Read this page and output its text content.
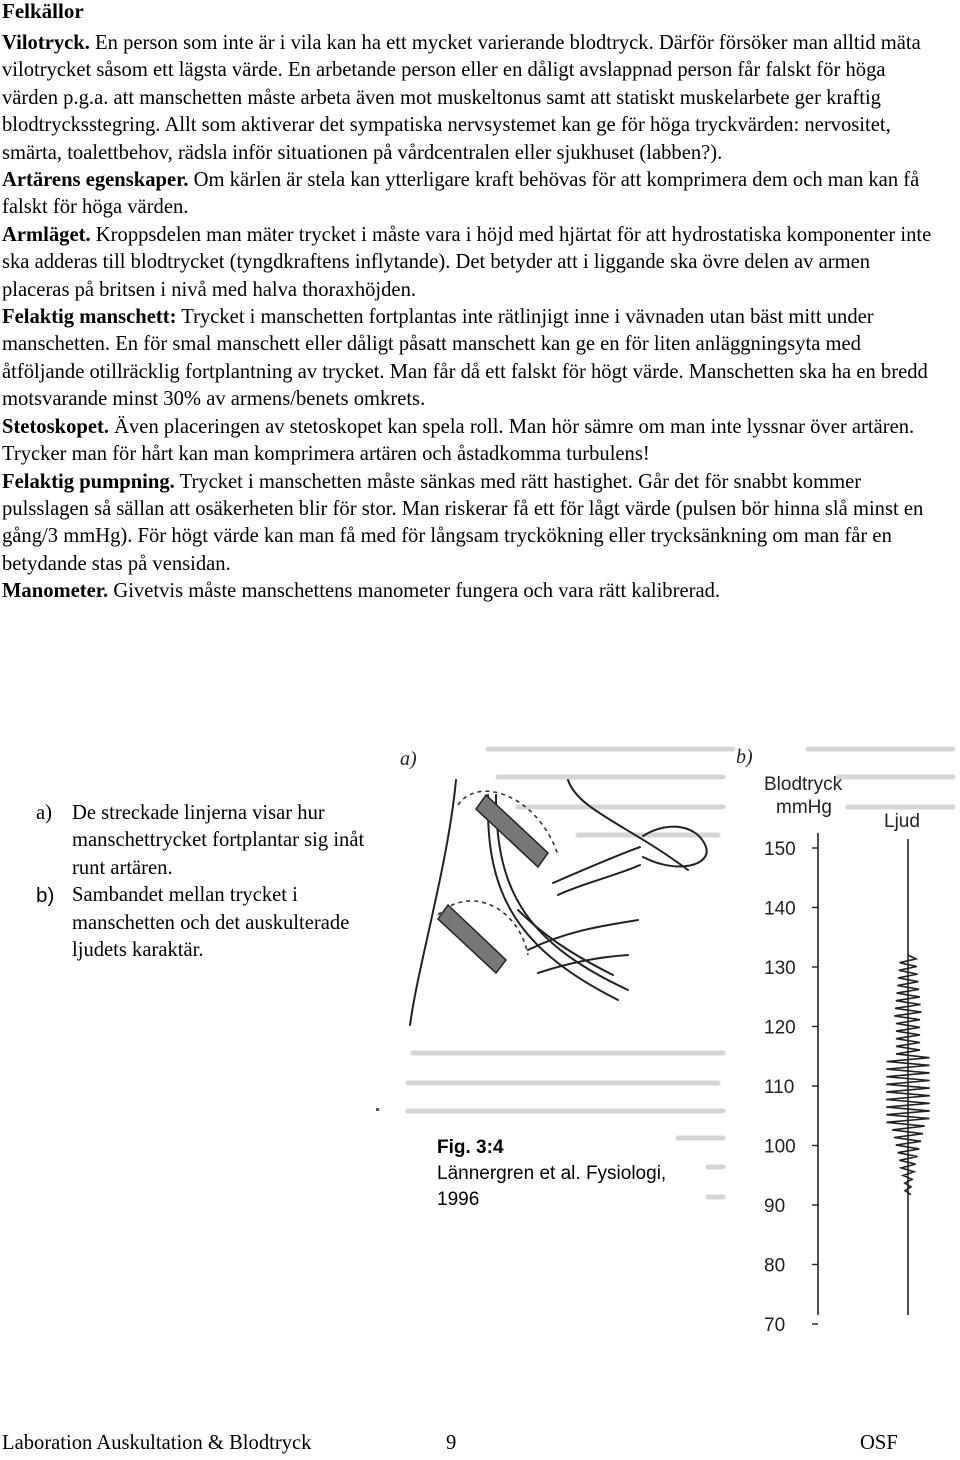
Felkällor

Vilotryck. En person som inte är i vila kan ha ett mycket varierande blodtryck. Därför försöker man alltid mäta vilotrycket såsom ett lägsta värde. En arbetande person eller en dåligt avslappnad person får falskt för höga värden p.g.a. att manschetten måste arbeta även mot muskeltonus samt att statiskt muskelarbete ger kraftig blodtrycksstegring. Allt som aktiverar det sympatiska nervsystemet kan ge för höga tryckvärden: nervositet, smärta, toalettbehov, rädsla inför situationen på vårdcentralen eller sjukhuset (labben?).

Artärens egenskaper. Om kärlen är stela kan ytterligare kraft behövas för att komprimera dem och man kan få falskt för höga värden.

Armläget. Kroppsdelen man mäter trycket i måste vara i höjd med hjärtat för att hydrostatiska komponenter inte ska adderas till blodtrycket (tyngdkraftens inflytande). Det betyder att i liggande ska övre delen av armen placeras på britsen i nivå med halva thoraxhöjden.

Felaktig manschett: Trycket i manschetten fortplantas inte rätlinjigt inne i vävnaden utan bäst mitt under manschetten. En för smal manschett eller dåligt påsatt manschett kan ge en för liten anläggningsyta med åtföljande otillräcklig fortplantning av trycket. Man får då ett falskt för högt värde. Manschetten ska ha en bredd motsvarande minst 30% av armens/benets omkrets.

Stetoskopet. Även placeringen av stetoskopet kan spela roll. Man hör sämre om man inte lyssnar över artären. Trycker man för hårt kan man komprimera artären och åstadkomma turbulens!

Felaktig pumpning. Trycket i manschetten måste sänkas med rätt hastighet. Går det för snabbt kommer pulsslagen så sällan att osäkerheten blir för stor. Man riskerar få ett för lågt värde (pulsen bör hinna slå minst en gång/3 mmHg). För högt värde kan man få med för långsam tryckökning eller trycksänkning om man får en betydande stas på vensidan.

Manometer. Givetvis måste manschettens manometer fungera och vara rätt kalibrerad.

a) De streckade linjerna visar hur manschettrycket fortplantar sig inåt runt artären.
b) Sambandet mellan trycket i manschetten och det auskulterade ljudets karaktär.
a)	b)
Blodtryck
mmHg
Ljud
150
140
130
120
110
100
90
80
70
Fig. 3:4
Lännergren et al. Fysiologi,
1996
Laboration Auskultation & Blodtryck	9	OSF
